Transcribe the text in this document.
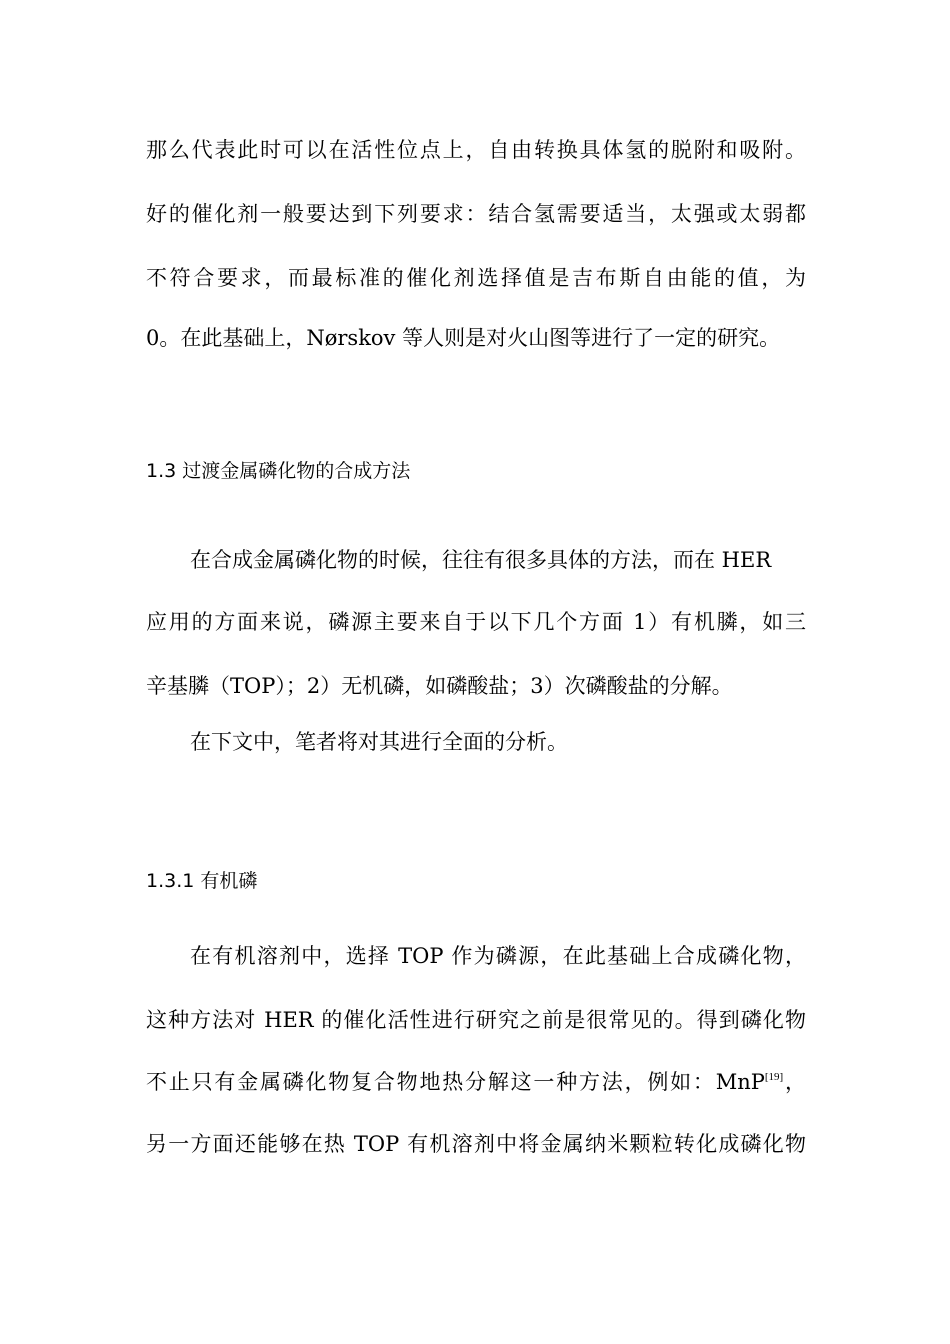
那么代表此时可以在活性位点上，自由转换具体氢的脱附和吸附。
好的催化剂一般要达到下列要求：结合氢需要适当，太强或太弱都
不符合要求，而最标准的催化剂选择值是吉布斯自由能的值，为
0。在此基础上，Nørskov 等人则是对火山图等进行了一定的研究。
1.3 过渡金属磷化物的合成方法
在合成金属磷化物的时候，往往有很多具体的方法，而在 HER
应用的方面来说，磷源主要来自于以下几个方面 1）有机膦，如三
辛基膦（TOP）；2）无机磷，如磷酸盐；3）次磷酸盐的分解。
在下文中，笔者将对其进行全面的分析。
1.3.1 有机磷
在有机溶剂中，选择 TOP 作为磷源，在此基础上合成磷化物，
这种方法对 HER 的催化活性进行研究之前是很常见的。得到磷化物
不止只有金属磷化物复合物地热分解这一种方法，例如：MnP[19]，
另一方面还能够在热 TOP 有机溶剂中将金属纳米颗粒转化成磷化物
